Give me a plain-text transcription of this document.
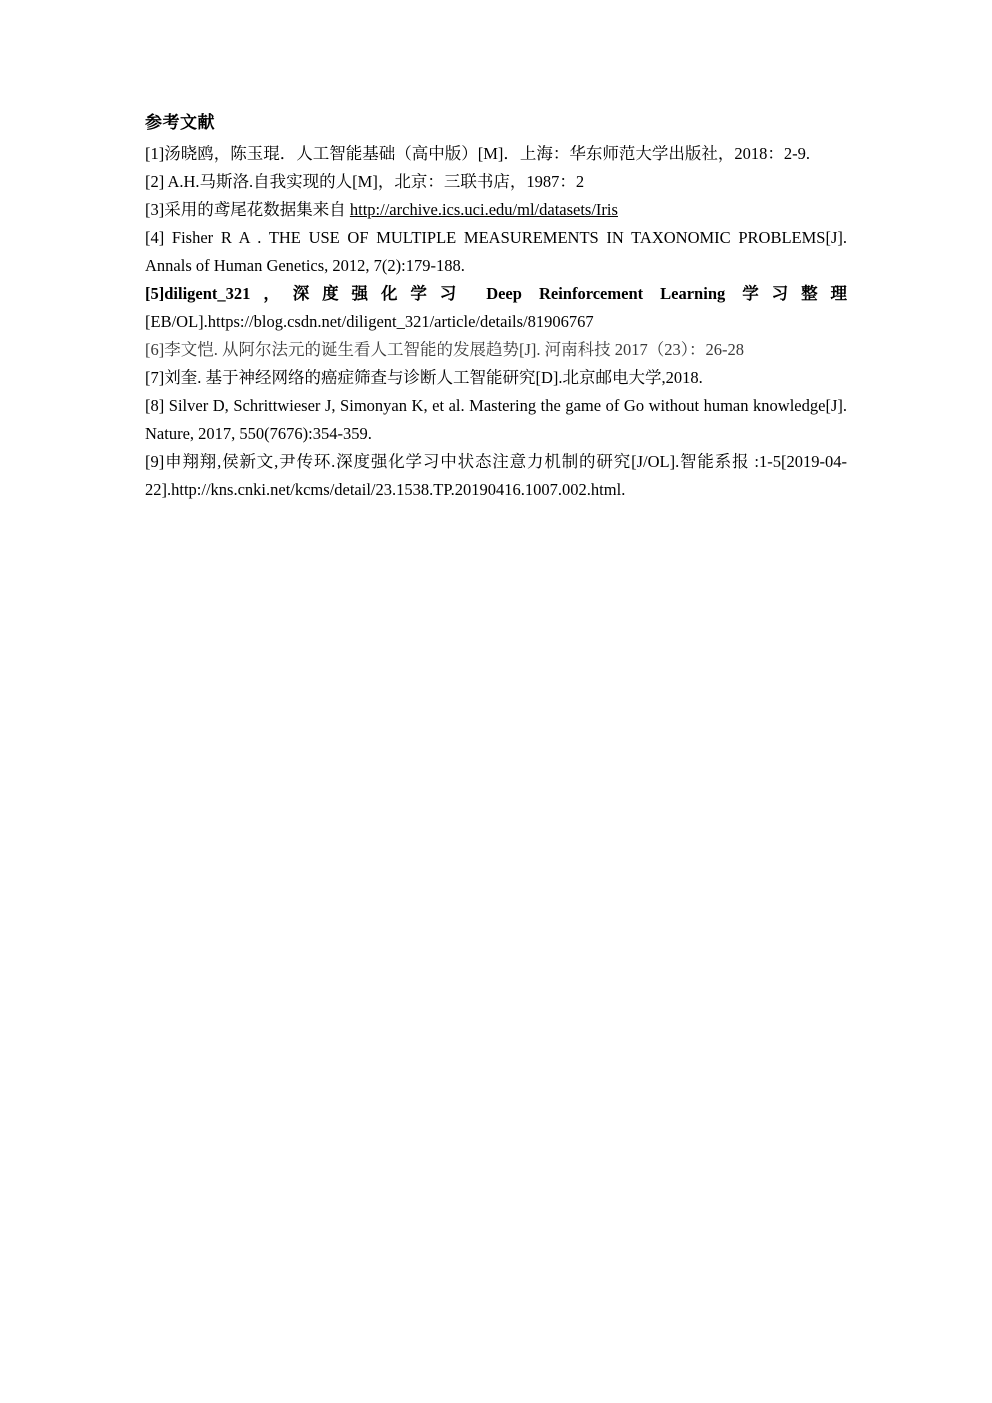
参考文献

[1]汤晓鸥，陈玉琨．人工智能基础（高中版）[M]．上海：华东师范大学出版社，2018：2-9.

[2] A.H.马斯洛.自我实现的人[M]，北京：三联书店，1987：2

[3]采用的鸢尾花数据集来自 http://archive.ics.uci.edu/ml/datasets/Iris

[4] Fisher R A . THE USE OF MULTIPLE MEASUREMENTS IN TAXONOMIC PROBLEMS[J]. Annals of Human Genetics, 2012, 7(2):179-188.

[5]diligent_321，深度强化学习 Deep Reinforcement Learning 学习整理[EB/OL].https://blog.csdn.net/diligent_321/article/details/81906767

[6]李文恺. 从阿尔法元的诞生看人工智能的发展趋势[J]. 河南科技 2017（23）：26-28

[7]刘奎. 基于神经网络的癌症筛查与诊断人工智能研究[D].北京邮电大学,2018.

[8] Silver D, Schrittwieser J, Simonyan K, et al. Mastering the game of Go without human knowledge[J]. Nature, 2017, 550(7676):354-359.

[9]申翔翔,侯新文,尹传环.深度强化学习中状态注意力机制的研究[J/OL].智能系报 :1-5[2019-04-22].http://kns.cnki.net/kcms/detail/23.1538.TP.20190416.1007.002.html.
